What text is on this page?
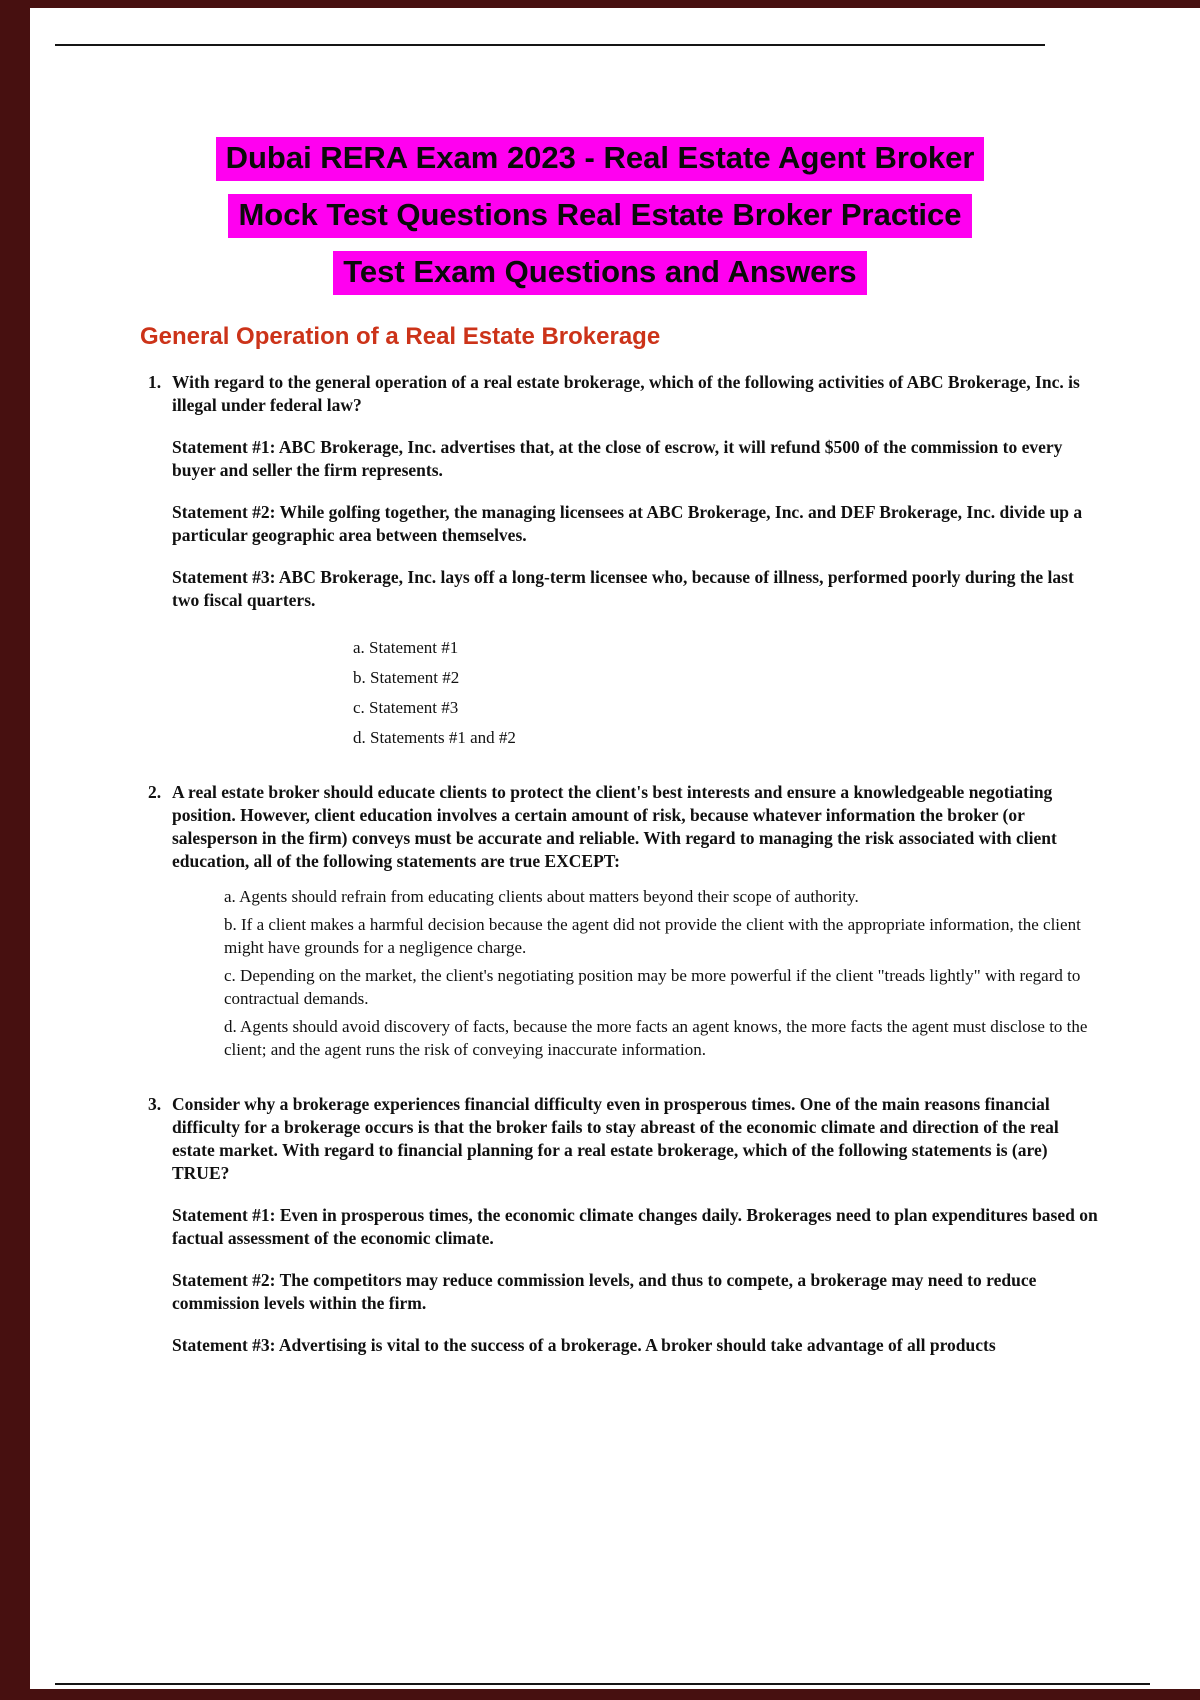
Dubai RERA Exam 2023 - Real Estate Agent Broker
Mock Test Questions Real Estate Broker Practice
Test Exam Questions and Answers
General Operation of a Real Estate Brokerage
1. With regard to the general operation of a real estate brokerage, which of the following activities of ABC Brokerage, Inc. is illegal under federal law?
Statement #1: ABC Brokerage, Inc. advertises that, at the close of escrow, it will refund $500 of the commission to every buyer and seller the firm represents.
Statement #2: While golfing together, the managing licensees at ABC Brokerage, Inc. and DEF Brokerage, Inc. divide up a particular geographic area between themselves.
Statement #3: ABC Brokerage, Inc. lays off a long-term licensee who, because of illness, performed poorly during the last two fiscal quarters.
a. Statement #1
b. Statement #2
c. Statement #3
d. Statements #1 and #2
2. A real estate broker should educate clients to protect the client's best interests and ensure a knowledgeable negotiating position. However, client education involves a certain amount of risk, because whatever information the broker (or salesperson in the firm) conveys must be accurate and reliable. With regard to managing the risk associated with client education, all of the following statements are true EXCEPT:
a. Agents should refrain from educating clients about matters beyond their scope of authority.
b. If a client makes a harmful decision because the agent did not provide the client with the appropriate information, the client might have grounds for a negligence charge.
c. Depending on the market, the client's negotiating position may be more powerful if the client "treads lightly" with regard to contractual demands.
d. Agents should avoid discovery of facts, because the more facts an agent knows, the more facts the agent must disclose to the client; and the agent runs the risk of conveying inaccurate information.
3. Consider why a brokerage experiences financial difficulty even in prosperous times. One of the main reasons financial difficulty for a brokerage occurs is that the broker fails to stay abreast of the economic climate and direction of the real estate market. With regard to financial planning for a real estate brokerage, which of the following statements is (are) TRUE?
Statement #1: Even in prosperous times, the economic climate changes daily. Brokerages need to plan expenditures based on factual assessment of the economic climate.
Statement #2: The competitors may reduce commission levels, and thus to compete, a brokerage may need to reduce commission levels within the firm.
Statement #3: Advertising is vital to the success of a brokerage. A broker should take advantage of all products
